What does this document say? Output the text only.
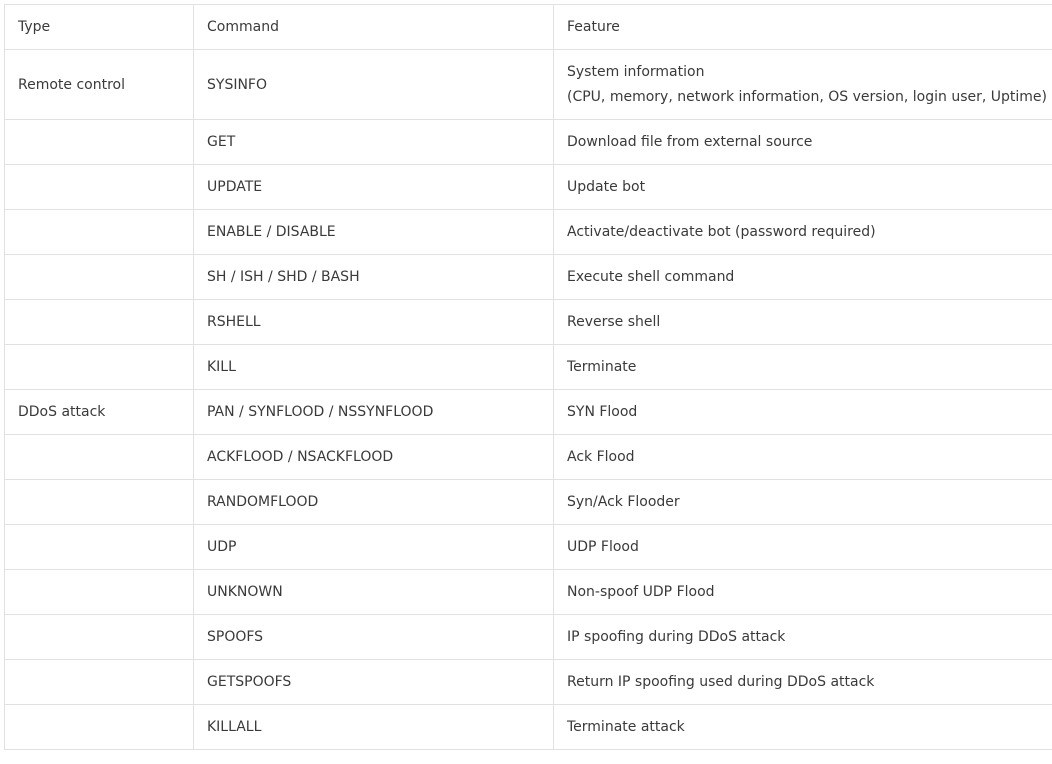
Type	Command	Feature
Remote control	SYSINFO	System information
(CPU, memory, network information, OS version, login user, Uptime)

	GET	Download file from external source
	UPDATE	Update bot
	ENABLE / DISABLE	Activate/deactivate bot (password required)
	SH / ISH / SHD / BASH	Execute shell command
	RSHELL	Reverse shell
	KILL	Terminate
DDoS attack	PAN / SYNFLOOD / NSSYNFLOOD	SYN Flood
	ACKFLOOD / NSACKFLOOD	Ack Flood
	RANDOMFLOOD	Syn/Ack Flooder
	UDP	UDP Flood
	UNKNOWN	Non-spoof UDP Flood
	SPOOFS	IP spoofing during DDoS attack
	GETSPOOFS	Return IP spoofing used during DDoS attack
	KILLALL	Terminate attack
